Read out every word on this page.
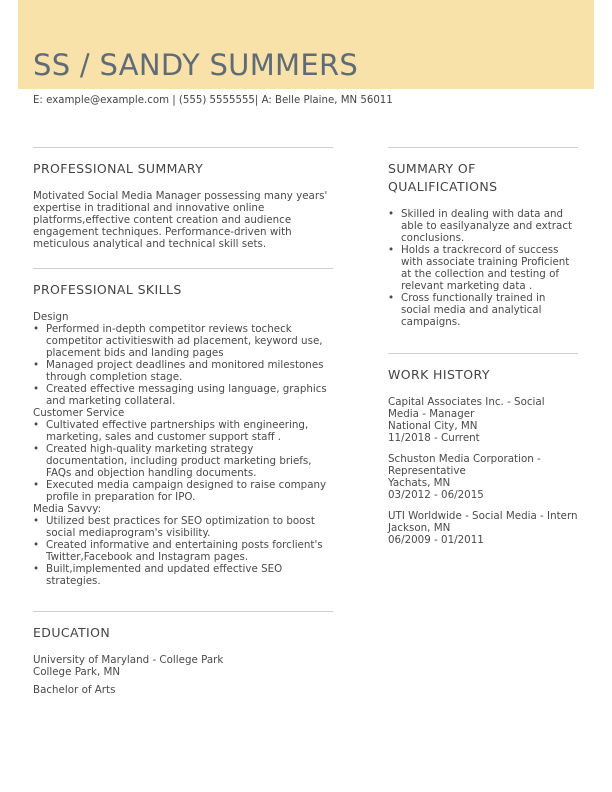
SS / SANDY SUMMERS
E: example@example.com | (555) 5555555| A: Belle Plaine, MN 56011
PROFESSIONAL SUMMARY

Motivated Social Media Manager possessing many years' expertise in traditional and innovative online platforms,effective content creation and audience engagement techniques. Performance-driven with meticulous analytical and technical skill sets.

PROFESSIONAL SKILLS
Design
• Performed in-depth competitor reviews tocheck competitor activitieswith ad placement, keyword use, placement bids and landing pages
• Managed project deadlines and monitored milestones through completion stage.
• Created effective messaging using language, graphics and marketing collateral.
Customer Service
• Cultivated effective partnerships with engineering, marketing, sales and customer support staff .
• Created high-quality marketing strategy documentation, including product marketing briefs, FAQs and objection handling documents.
• Executed media campaign designed to raise company profile in preparation for IPO.
Media Savvy:
• Utilized best practices for SEO optimization to boost social mediaprogram's visibility.
• Created informative and entertaining posts forclient's Twitter,Facebook and Instagram pages.
• Built,implemented and updated effective SEO strategies.
EDUCATION
University of Maryland - College Park
College Park, MN
Bachelor of Arts
SUMMARY OF QUALIFICATIONS
• Skilled in dealing with data and able to easilyanalyze and extract conclusions.
• Holds a trackrecord of success with associate training Proficient at the collection and testing of relevant marketing data .
• Cross functionally trained in social media and analytical campaigns.
WORK HISTORY
Capital Associates Inc. - Social Media - Manager
National City, MN
11/2018 - Current
Schuston Media Corporation - Representative
Yachats, MN
03/2012 - 06/2015
UTI Worldwide - Social Media - Intern
Jackson, MN
06/2009 - 01/2011
